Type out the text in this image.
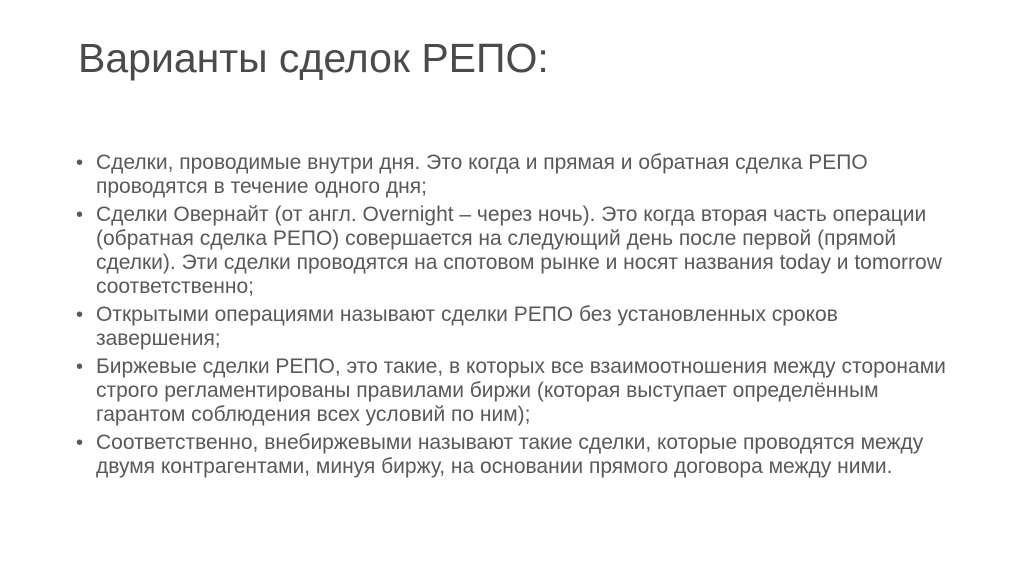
Варианты сделок РЕПО:
• Сделки, проводимые внутри дня. Это когда и прямая и обратная сделка РЕПО проводятся в течение одного дня;
• Сделки Овернайт (от англ. Overnight – через ночь). Это когда вторая часть операции (обратная сделка РЕПО) совершается на следующий день после первой (прямой сделки). Эти сделки проводятся на спотовом рынке и носят названия today и tomorrow соответственно;
• Открытыми операциями называют сделки РЕПО без установленных сроков завершения;
• Биржевые сделки РЕПО, это такие, в которых все взаимоотношения между сторонами строго регламентированы правилами биржи (которая выступает определённым гарантом соблюдения всех условий по ним);
• Соответственно, внебиржевыми называют такие сделки, которые проводятся между двумя контрагентами, минуя биржу, на основании прямого договора между ними.
